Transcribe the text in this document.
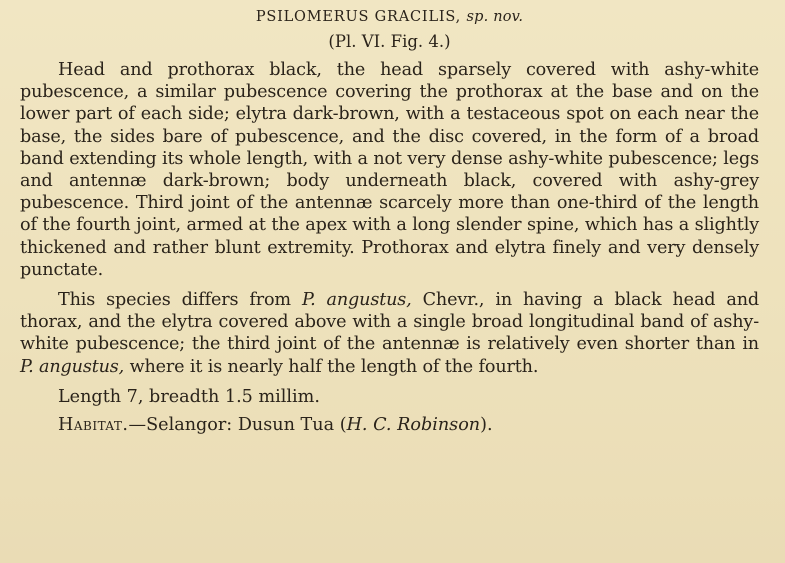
PSILOMERUS GRACILIS, sp. nov.
(Pl. VI. Fig. 4.)

Head and prothorax black, the head sparsely covered with ashy-white pubescence, a similar pubescence covering the prothorax at the base and on the lower part of each side; elytra dark-brown, with a testaceous spot on each near the base, the sides bare of pubescence, and the disc covered, in the form of a broad band extending its whole length, with a not very dense ashy-white pubescence; legs and antennæ dark-brown; body underneath black, covered with ashy-grey pubescence. Third joint of the antennæ scarcely more than one-third of the length of the fourth joint, armed at the apex with a long slender spine, which has a slightly thickened and rather blunt extremity. Prothorax and elytra finely and very densely punctate.

This species differs from P. angustus, Chevr., in having a black head and thorax, and the elytra covered above with a single broad longitudinal band of ashy-white pubescence; the third joint of the antennæ is relatively even shorter than in P. angustus, where it is nearly half the length of the fourth.

Length 7, breadth 1.5 millim.
Habitat.—Selangor: Dusun Tua (H. C. Robinson).
